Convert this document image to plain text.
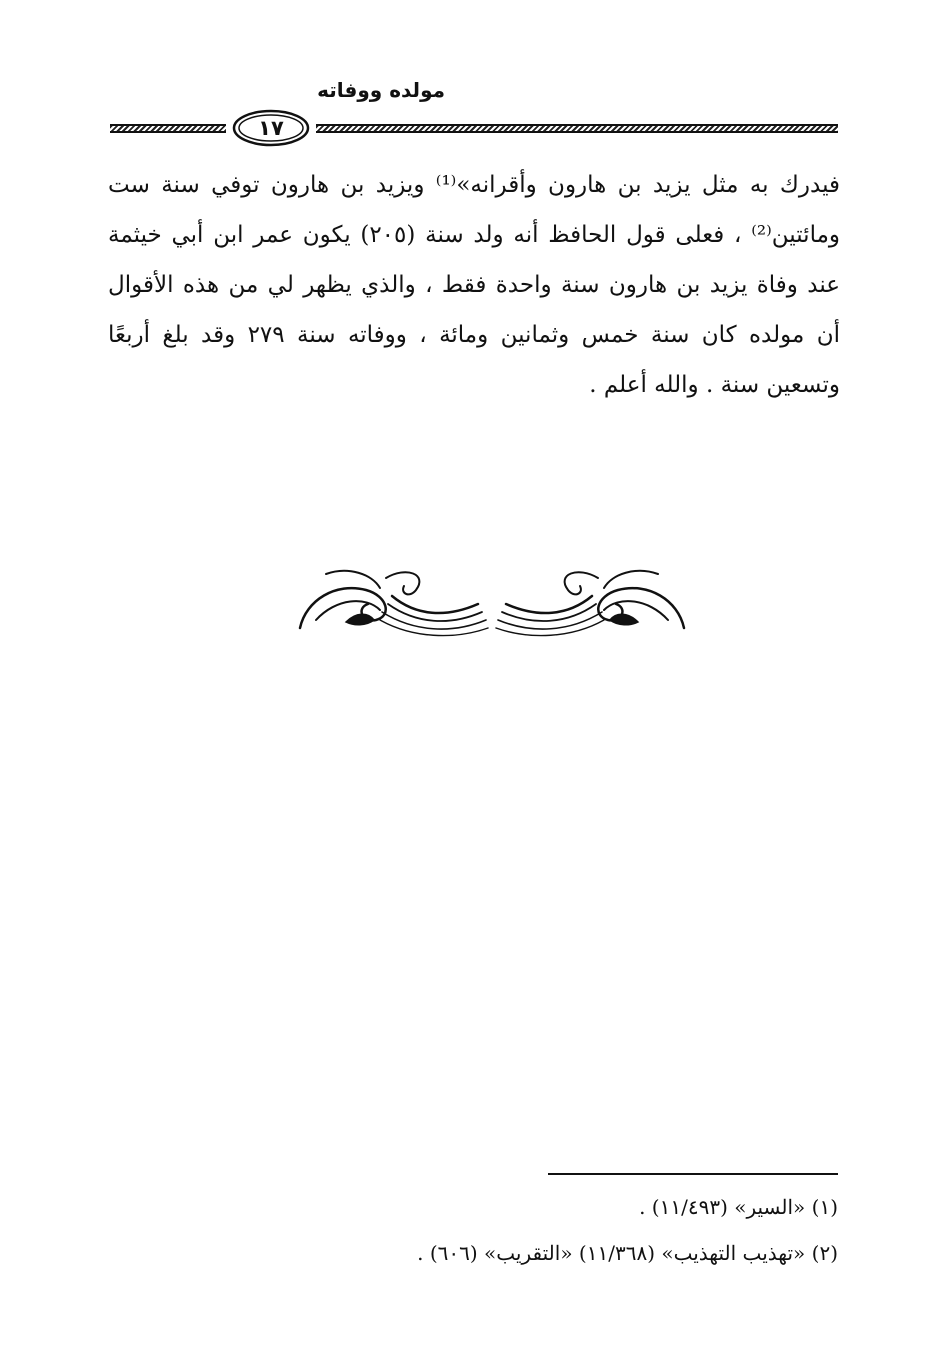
مولده ووفاته
١٧
فيدرك به مثل يزيد بن هارون وأقرانه»⁽¹⁾ ويزيد بن هارون توفي سنة ست
ومائتين⁽²⁾ ، فعلى قول الحافظ أنه ولد سنة (٢٠٥) يكون عمر ابن أبي خيثمة
عند وفاة يزيد بن هارون سنة واحدة فقط ، والذي يظهر لي من هذه الأقوال
أن مولده كان سنة خمس وثمانين ومائة ، ووفاته سنة ٢٧٩ وقد بلغ أربعًا
وتسعين سنة . والله أعلم .
(١) «السير» (١١/٤٩٣) .
(٢) «تهذيب التهذيب» (١١/٣٦٨) «التقريب» (٦٠٦) .
